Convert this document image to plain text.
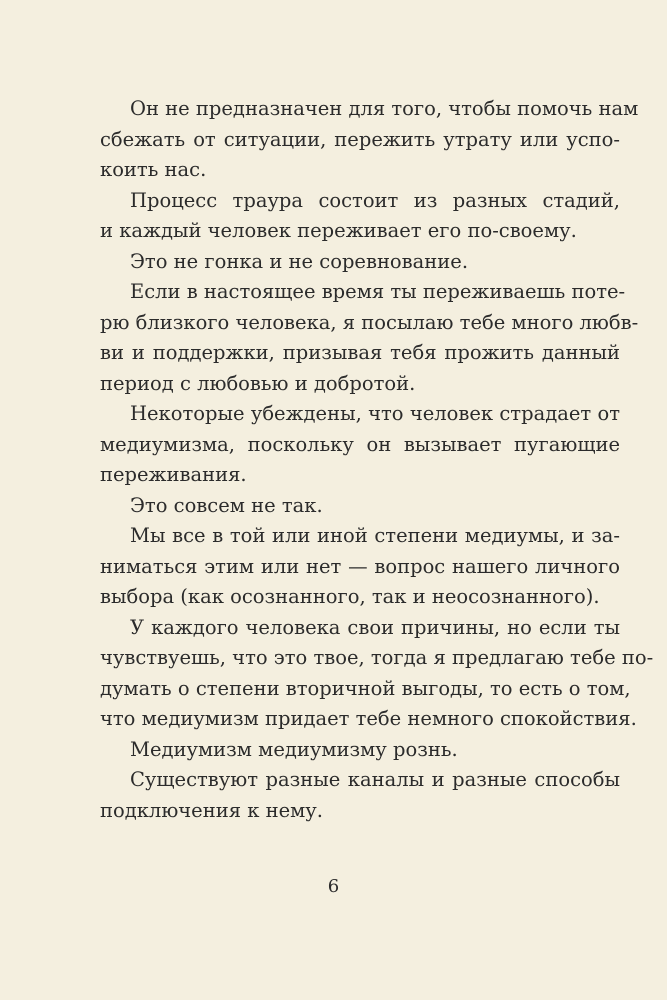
Он не предназначен для того, чтобы помочь нам
сбежать от ситуации, пережить утрату или успо-
коить нас.
Процесс траура состоит из разных стадий,
и каждый человек переживает его по-своему.
Это не гонка и не соревнование.
Если в настоящее время ты переживаешь поте-
рю близкого человека, я посылаю тебе много любв-
ви и поддержки, призывая тебя прожить данный
период с любовью и добротой.
Некоторые убеждены, что человек страдает от
медиумизма, поскольку он вызывает пугающие
переживания.
Это совсем не так.
Мы все в той или иной степени медиумы, и за-
ниматься этим или нет — вопрос нашего личного
выбора (как осознанного, так и неосознанного).
У каждого человека свои причины, но если ты
чувствуешь, что это твое, тогда я предлагаю тебе по-
думать о степени вторичной выгоды, то есть о том,
что медиумизм придает тебе немного спокойствия.
Медиумизм медиумизму рознь.
Существуют разные каналы и разные способы
подключения к нему.
6
